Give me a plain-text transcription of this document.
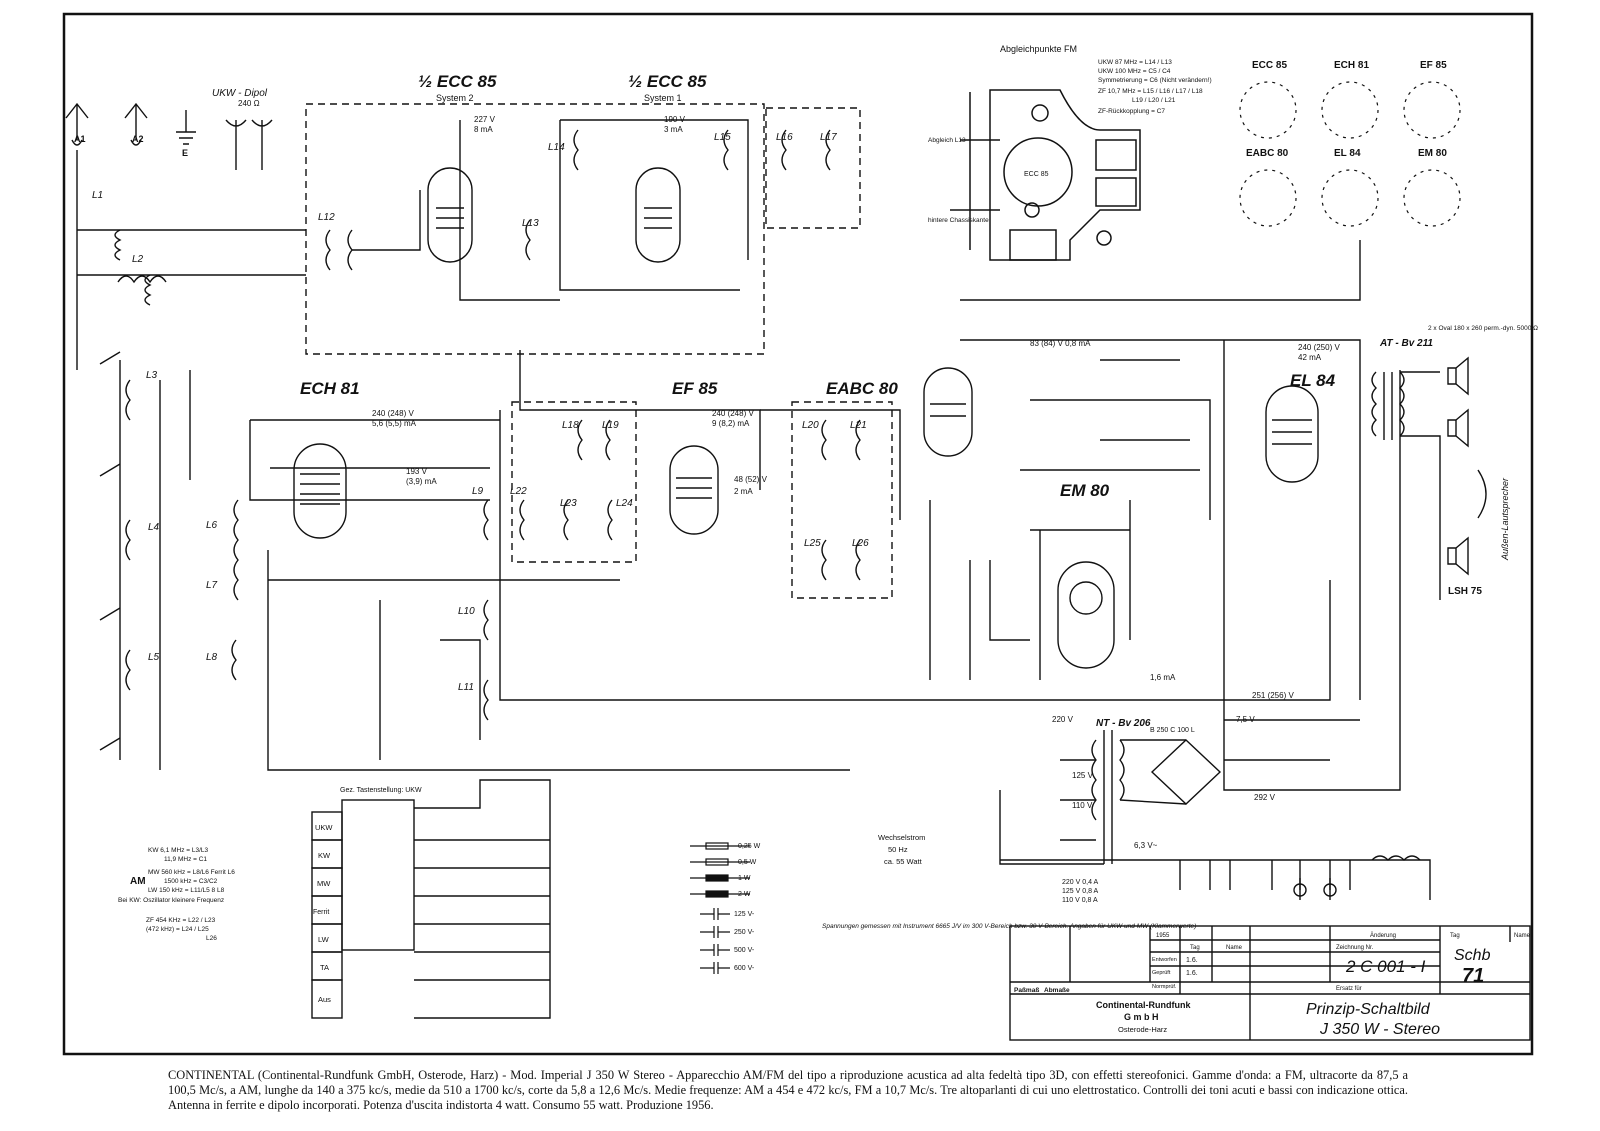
A1	A2
E
UKW - Dipol
240 Ω
½ ECC 85
System 2
½ ECC 85
System 1
ECH 81	EF 85	EABC 80	EL 84
EM 80
L1
L2
L3
L4
L5
L6
L7
L8
L9
L10
L11
L12
L13
L14
L15	L16	L17
L18 L19	L20	L21
L22
L23	L24
L25	L26
227 V
8 mA
190 V
3 mA
240 (248) V
5,6 (5,5) mA
193 V
(3,9) mA
240 (248) V
9 (8,2) mA
48 (52) V
2 mA
83 (84) V 0,8 mA	240 (250) V
42 mA
251 (256) V
292 V
7,5 V
1,6 mA
AT - Bv 211
NT - Bv 206
2 x Oval 180 x 260 perm.-dyn. 5000 Ω
Außen-Lautsprecher
LSH 75
220 V
125 V
110 V
Wechselstrom
50 Hz
ca. 55 Watt
6,3 V~
B 250 C 100 L
220 V 0,4 A
125 V 0,8 A
110 V 0,8 A
Abgleichpunkte FM
UKW 87 MHz = L14 / L13
UKW 100 MHz = C5 / C4
Symmetrierung = C6 (Nicht verändern!)
ZF 10,7 MHz = L15 / L16 / L17 / L18
L19 / L20 / L21
ZF-Rückkopplung = C7
Abgleich L13
hintere Chassiskante
ECC 85
KW 6,1 MHz = L3/L3
11,9 MHz = C1
MW 560 kHz = L8/L6 Ferrit L6
1500 kHz = C3/C2
LW 150 kHz = L11/L5 8 L8
AM
Bei KW: Oszillator kleinere Frequenz
ZF 454 KHz = L22 / L23
(472 kHz) = L24 / L25
L26
ECC 85	ECH 81	EF 85
EABC 80	EL 84	EM 80
Gez. Tastenstellung: UKW
UKW
KW
MW
Ferrit
LW
TA
Aus
0,25 W
0,5 W
1 W
2 W
125 V-
250 V-
500 V-
600 V-
1955
Tag	Name
Änderung
Zeichnung Nr.
Entworfen
Geprüft
Normprüf.
1.6.
1.6.	2 C 001 - I
Tag	Name
Ersatz für
Schb
71
Continental-Rundfunk
G m b H
Osterode-Harz
Prinzip-Schaltbild
J 350 W - Stereo
Paßmaß Abmaße
Spannungen gemessen mit Instrument 6665 J/V im 300 V-Bereich bzw. 30 V-Bereich. Angaben für UKW und MW (Klammerwerte)
CONTINENTAL (Continental-Rundfunk GmbH, Osterode, Harz) - Mod. Imperial J 350 W Stereo - Apparecchio AM/FM del tipo a riproduzione acustica ad alta fedeltà tipo 3D, con effetti stereofonici. Gamme d'onda: a FM, ultracorte da 87,5 a 100,5 Mc/s, a AM, lunghe da 140 a 375 kc/s, medie da 510 a 1700 kc/s, corte da 5,8 a 12,6 Mc/s. Medie frequenze: AM a 454 e 472 kc/s, FM a 10,7 Mc/s. Tre altoparlanti di cui uno elettrostatico. Controlli dei toni acuti e bassi con indicazione ottica. Antenna in ferrite e dipolo incorporati. Potenza d'uscita indistorta 4 watt. Consumo 55 watt. Produzione 1956.
